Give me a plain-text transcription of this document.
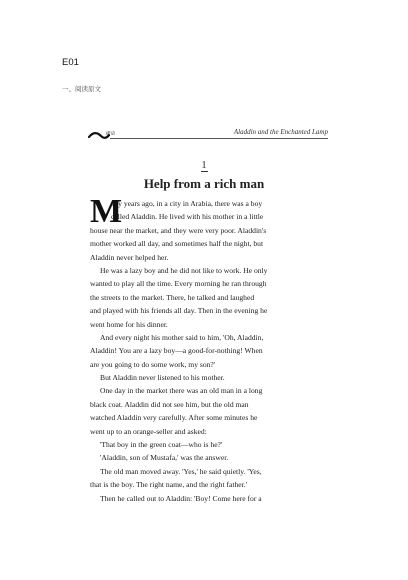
E01
一、阅读原文
读虫	Aladdin and the Enchanted Lamp
1
Help from a rich man
M
any years ago, in a city in Arabia, there was a boy
called Aladdin. He lived with his mother in a little
house near the market, and they were very poor. Aladdin's
mother worked all day, and sometimes half the night, but
Aladdin never helped her.
He was a lazy boy and he did not like to work. He only
wanted to play all the time. Every morning he ran through
the streets to the market. There, he talked and laughed
and played with his friends all day. Then in the evening he
went home for his dinner.
And every night his mother said to him, 'Oh, Aladdin,
Aladdin! You are a lazy boy—a good-for-nothing! When
are you going to do some work, my son?'
But Aladdin never listened to his mother.
One day in the market there was an old man in a long
black coat. Aladdin did not see him, but the old man
watched Aladdin very carefully. After some minutes he
went up to an orange-seller and asked:
'That boy in the green coat—who is he?'
'Aladdin, son of Mustafa,' was the answer.
The old man moved away. 'Yes,' he said quietly. 'Yes,
that is the boy. The right name, and the right father.'
Then he called out to Aladdin: 'Boy! Come here for a
